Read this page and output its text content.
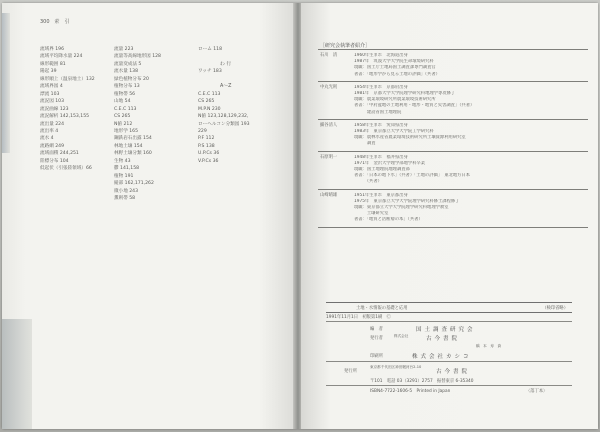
300　索　引
流域界 196
流域平均降水量 224
線形範囲 81
陽起 39
線形順上（温泉地土）132
流域界図 4
漂流 103
流況図 103
流況曲線 123
流況解析 142,153,155
流出量 224
流出率 4
流水 4
流路網 249
流域面積 244,251
陸標分布 104
低起伏（引張陸領域）66
流量 223
流量等高線地形図 128
流量変成法 5
流水量 138
緑色植物分布 20
植物分布 13
植物帯 56
山地 54
C.E.C 113
CS 265
N値 212
地形学 165
鋼鉄岩石出露 154
林地土壌 154
林野土壌分類 160
生物 43
鬱 141,158
植物 191
縦部 162,171,262
微小地 243
薫則帯 58
ローム 118
わ 行
ワッチ 183
A〜Z
C.E.C 113
CS 265
M.P.N 230
N値 123,128,129,232,
ローヘルコン分類図 193
229
P.F 112
P.S 138
U.P.Cs 36
V.P.Cs 36
［研究会執筆者紹介］
石川　清	1960年生まれ　北海道出身
1987年　筑波大学大学院生命環境研究科
現職：国土庁土地局国土調査課専門調査官
著書：「地形学から見る土地の評価」（共著）
中丸光則	1954年生まれ　京都府出身
1981年　京都大学大学院理学研究科地理学専攻修了
現職：農業環境研究所農業環境技術研究所
著書：「甲府盆地の土地利用・地形・地質と災害調査」（共著）
　　　建設省国土地理院
細谷清人	1958年生まれ　愛知県出身
1983年　東京都立大学大学院工学研究科
現職：農林水産省農業環境技術研究所土壌資源利用研究室
　　　調査
石原明一	1948年生まれ　福井県出身
1971年　金沢大学理学部地学科卒業
現職：国土地理院地理調査部
著書：「日本の地下水」（共著）「土地の評価」　東北地方日本
　　　（共著）
山崎晴雄	1951年生まれ　東京都出身
1975年　東京都立大学大学院理学研究科修士課程修了
現職：東京都立大学大学院理学研究科地理学教室
　　　土壌研究室
著書：「地質と活断層の本」（共著）
土地・水情報の基礎と応用	（検印省略）
1991年11月1日　初版第1刷　Ⓒ
編　者	国土調査研究会
発行者	株式会社	古今書院
橋　本　寿　資
印刷所	株式会社カシコ
発行所
東京都千代田区神田駿河台2-10
古今書院
〒101　電話 03（3291）2757　振替東京 6-35340
ISBN4-7722-1606-5　Printed in Japan	〈落丁本〉
